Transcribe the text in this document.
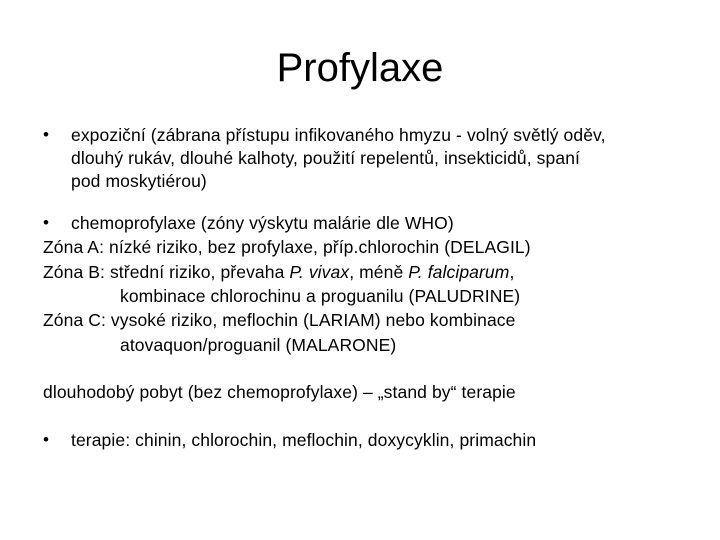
Profylaxe
• expoziční (zábrana přístupu infikovaného hmyzu - volný světlý oděv,
dlouhý rukáv, dlouhé kalhoty, použití repelentů, insekticidů, spaní
pod moskytiérou)
• chemoprofylaxe (zóny výskytu malárie dle WHO)
Zóna A: nízké riziko, bez profylaxe, příp.chlorochin (DELAGIL)
Zóna B: střední riziko, převaha P. vivax, méně P. falciparum,
kombinace chlorochinu a proguanilu (PALUDRINE)
Zóna C: vysoké riziko, meflochin (LARIAM) nebo kombinace
atovaquon/proguanil (MALARONE)
dlouhodobý pobyt (bez chemoprofylaxe) – „stand by“ terapie
• terapie: chinin, chlorochin, meflochin, doxycyklin, primachin
